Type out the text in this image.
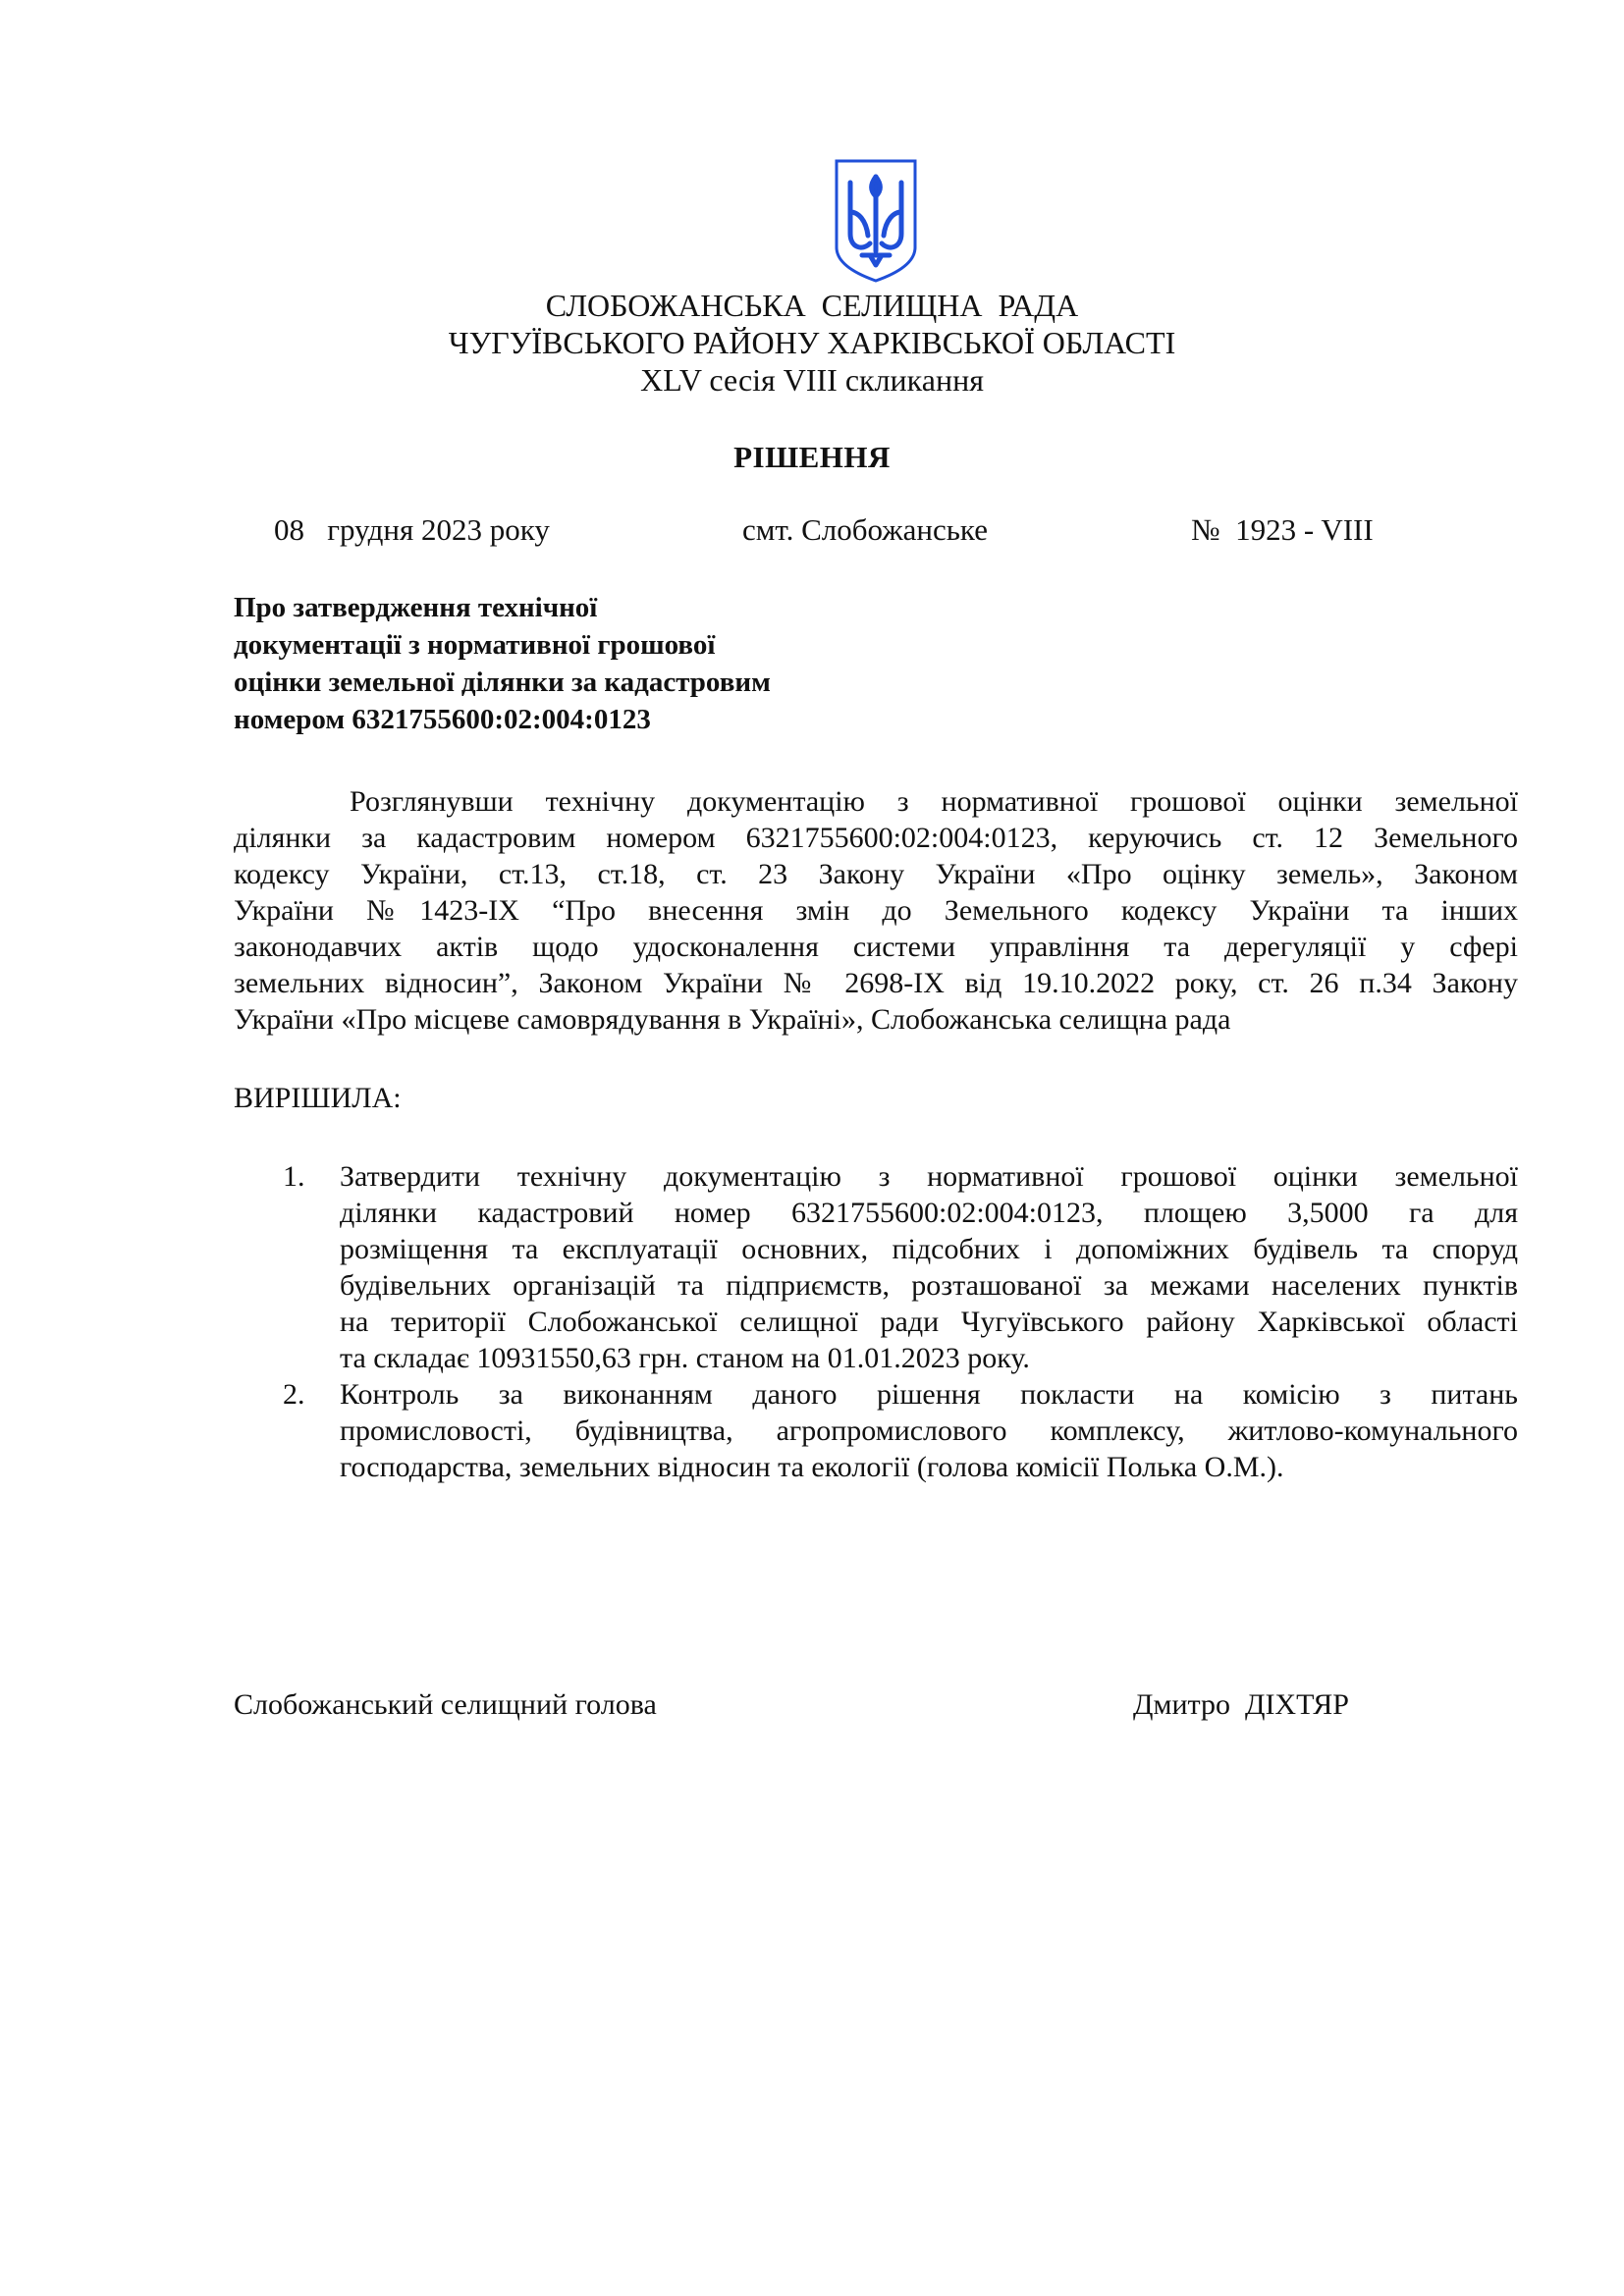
СЛОБОЖАНСЬКА  СЕЛИЩНА  РАДА
ЧУГУЇВСЬКОГО РАЙОНУ ХАРКІВСЬКОЇ ОБЛАСТІ
XLV сесія VIII скликання
РІШЕННЯ
08   грудня 2023 року	смт. Слобожанське	№  1923 - VIII
Про затвердження технічної
документації з нормативної грошової
оцінки земельної ділянки за кадастровим
номером 6321755600:02:004:0123
Розглянувши технічну документацію з нормативної грошової оцінки земельної
ділянки за кадастровим номером 6321755600:02:004:0123, керуючись ст. 12 Земельного
кодексу України, ст.13, ст.18, ст. 23 Закону України «Про оцінку земель», Законом
України №1423-IX “Про внесення змін до Земельного кодексу України та інших
законодавчих актів щодо удосконалення системи управління та дерегуляції у сфері
земельних відносин”, Законом України № 2698-IX від 19.10.2022 року, ст. 26 п.34 Закону
України «Про місцеве самоврядування в Україні», Слобожанська селищна рада
ВИРІШИЛА:
1. Затвердити технічну документацію з нормативної грошової оцінки земельної
ділянки кадастровий номер 6321755600:02:004:0123, площею 3,5000 га для
розміщення та експлуатації основних, підсобних і допоміжних будівель та споруд
будівельних організацій та підприємств, розташованої за межами населених пунктів
на території Слобожанської селищної ради Чугуївського району Харківської області
та складає 10931550,63 грн. станом на 01.01.2023 року.
2. Контроль за виконанням даного рішення покласти на комісію з питань
промисловості, будівництва, агропромислового комплексу, житлово-комунального
господарства, земельних відносин та екології (голова комісії Полька О.М.).
Слобожанський селищний голова	Дмитро  ДІХТЯР
